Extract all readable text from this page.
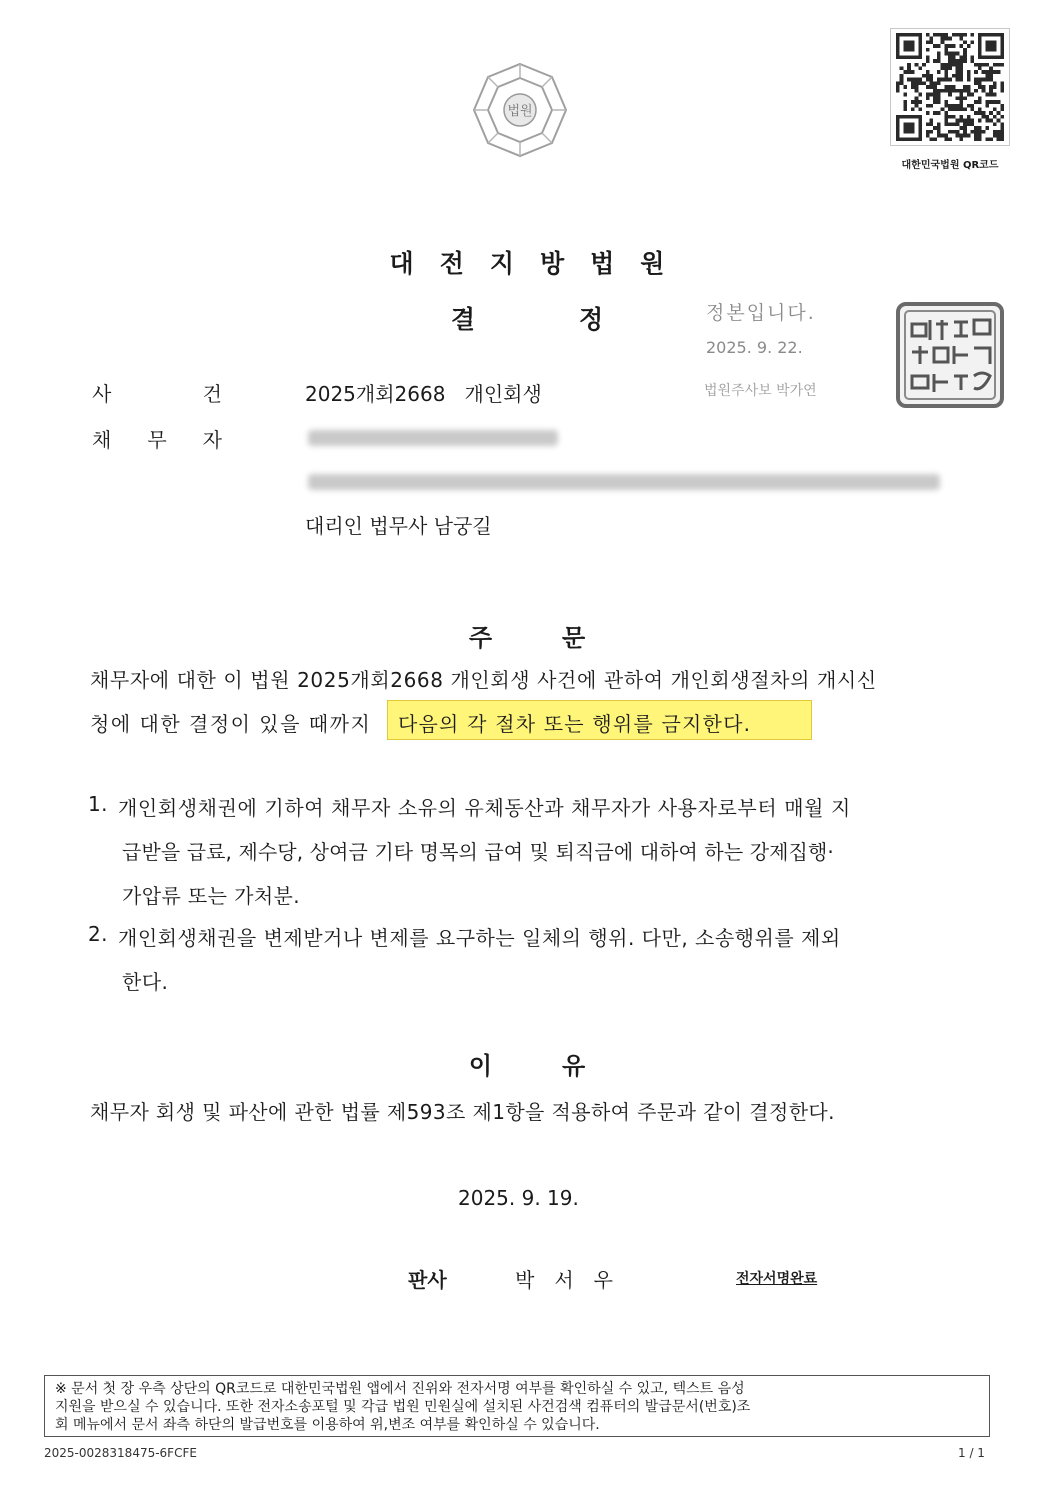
법원
대한민국법원 QR코드
대전지방법원
결정
정본입니다.
2025. 9. 22.
법원주사보 박가연
사	건	2025개회2668   개인회생
채 무 자
대리인 법무사 남궁길
주문
채무자에 대한 이 법원 2025개회2668 개인회생 사건에 관하여 개인회생절차의 개시신
청에 대한 결정이 있을 때까지 다음의 각 절차 또는 행위를 금지한다.
1. 개인회생채권에 기하여 채무자 소유의 유체동산과 채무자가 사용자로부터 매월 지
급받을 급료, 제수당, 상여금 기타 명목의 급여 및 퇴직금에 대하여 하는 강제집행·
가압류 또는 가처분.
2. 개인회생채권을 변제받거나 변제를 요구하는 일체의 행위. 다만, 소송행위를 제외
한다.
이유
채무자 회생 및 파산에 관한 법률 제593조 제1항을 적용하여 주문과 같이 결정한다.
2025. 9. 19.
판사	박서우	전자서명완료
※ 문서 첫 장 우측 상단의 QR코드로 대한민국법원 앱에서 진위와 전자서명 여부를 확인하실 수 있고, 텍스트 음성
지원을 받으실 수 있습니다. 또한 전자소송포털 및 각급 법원 민원실에 설치된 사건검색 컴퓨터의 발급문서(번호)조
회 메뉴에서 문서 좌측 하단의 발급번호를 이용하여 위,변조 여부를 확인하실 수 있습니다.
2025-0028318475-6FCFE	1 / 1
